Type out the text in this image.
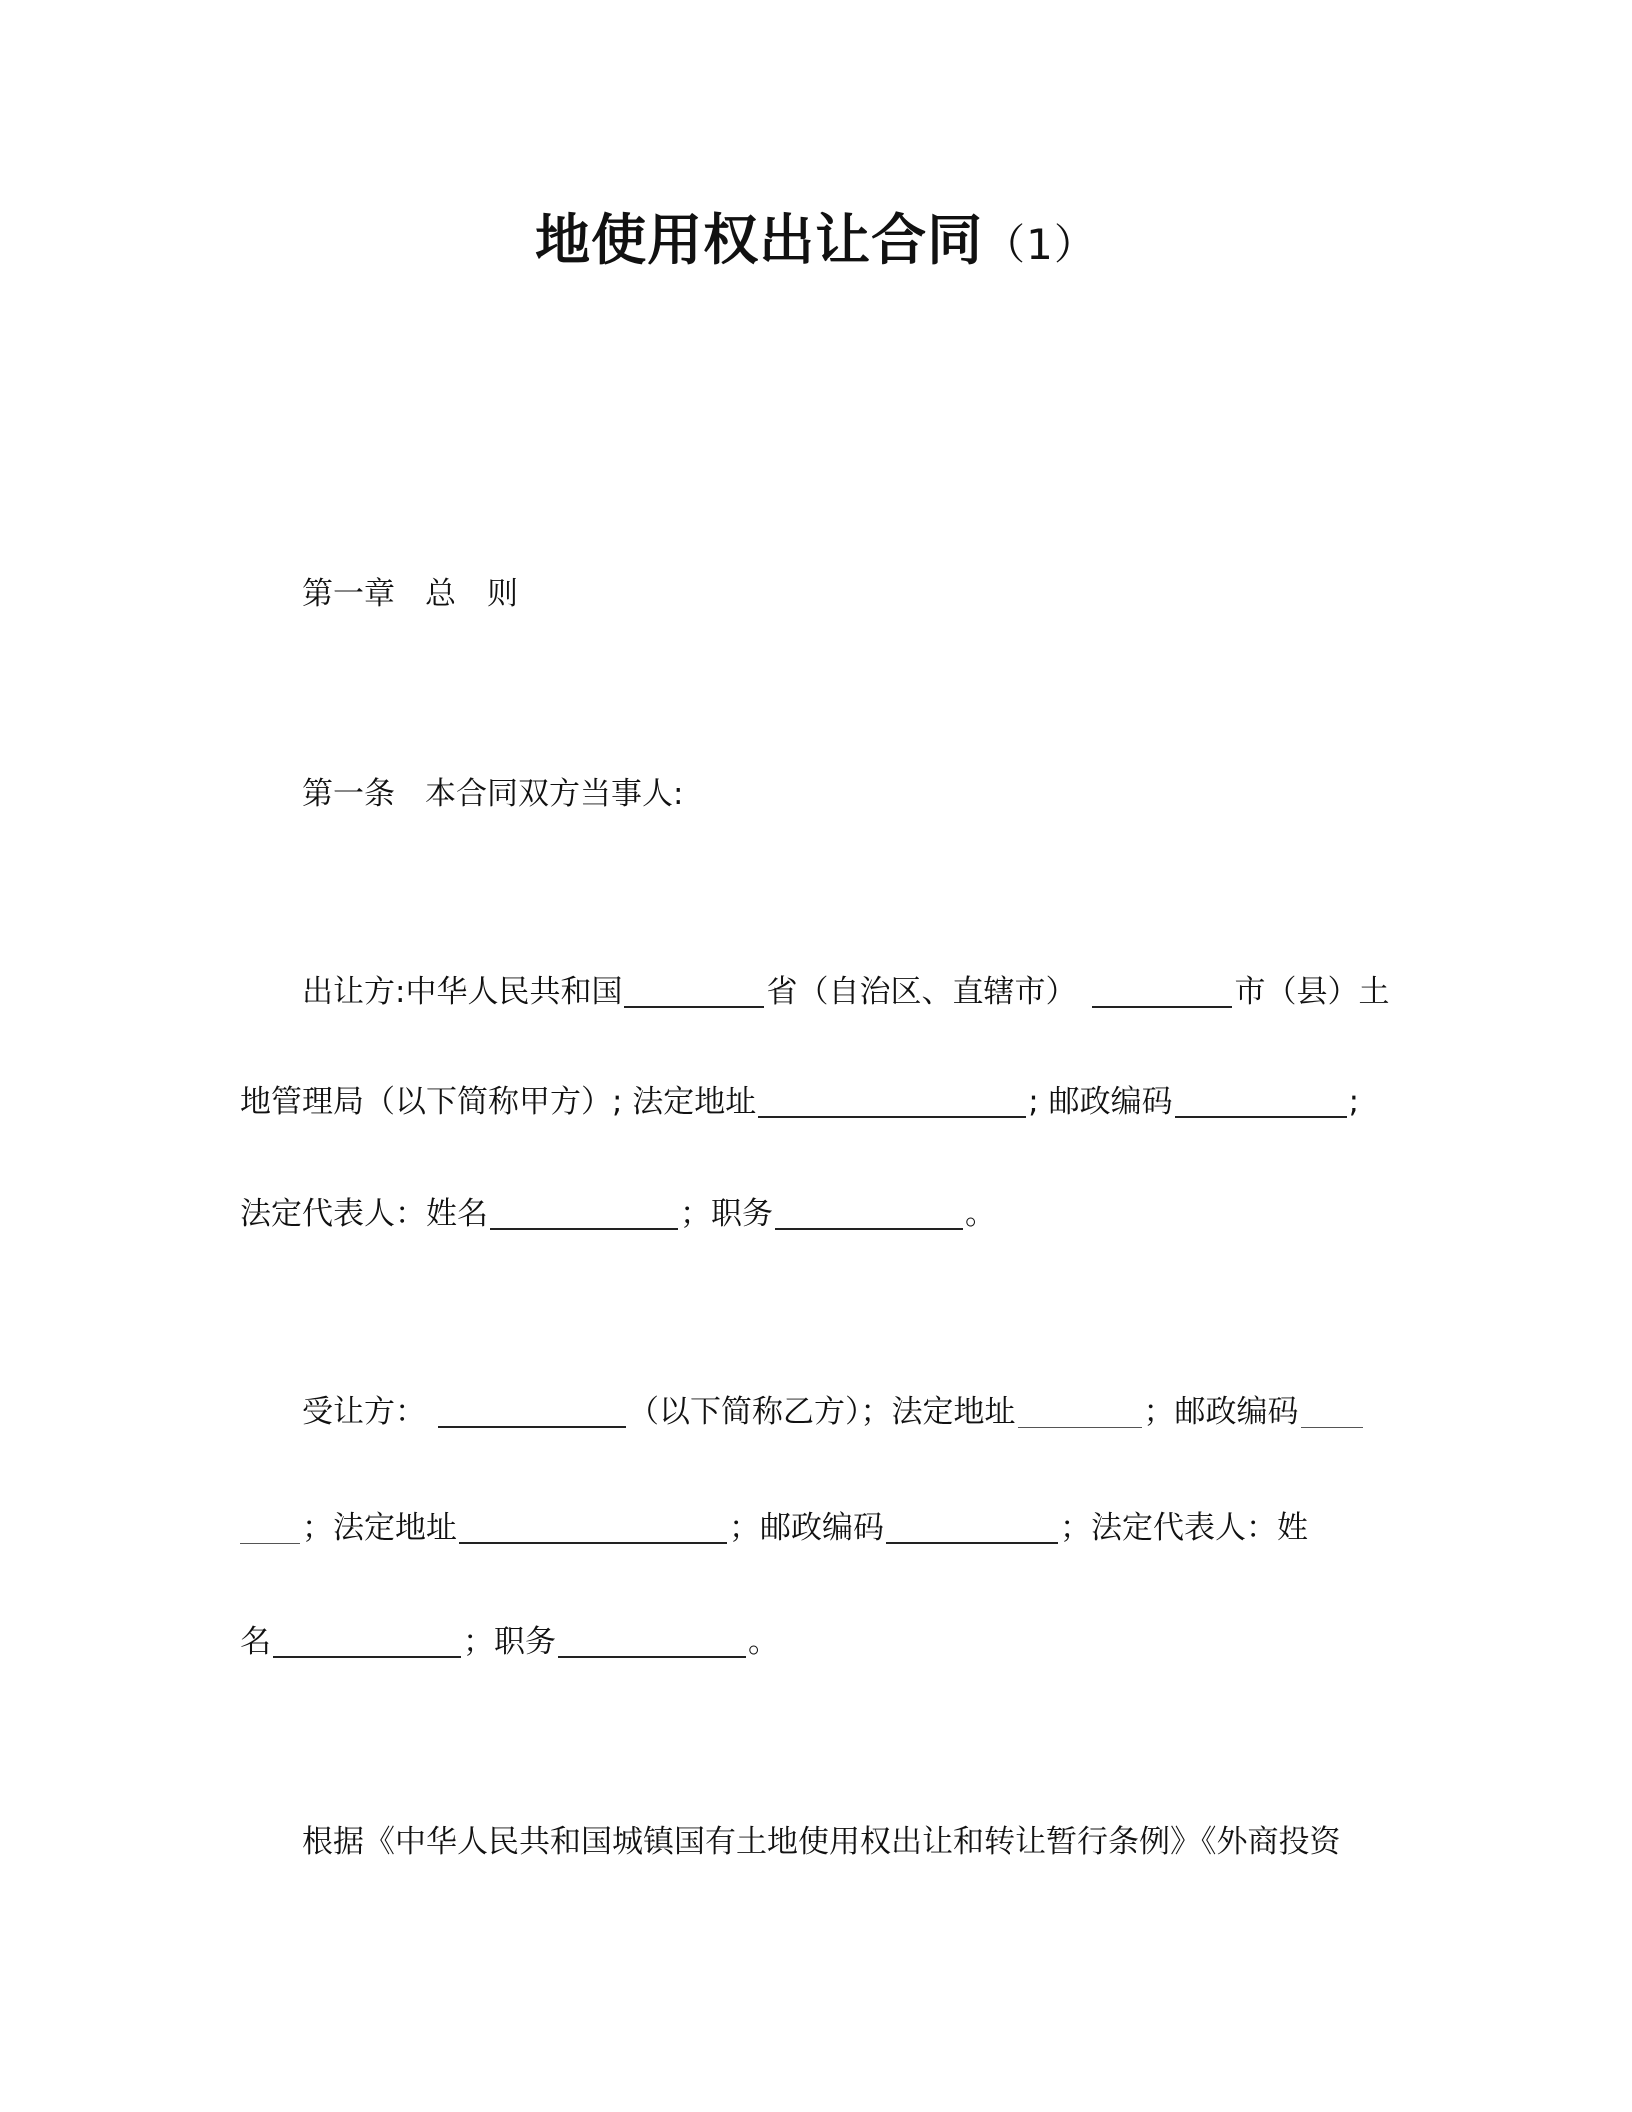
地使用权出让合同（1）
第一章 总　则
第一条 本合同双方当事人:
出让方:中华人民共和国	省（自治区、直辖市）	市（县）土
地管理局（以下简称甲方）; 法定地址	; 邮政编码	;
法定代表人：姓名	；职务	。
受让方：	（以下简称乙方）；法定地址	；邮政编码
；法定地址	；邮政编码	；法定代表人：姓
名	；职务	。
根据《中华人民共和国城镇国有土地使用权出让和转让暂行条例》《外商投资
